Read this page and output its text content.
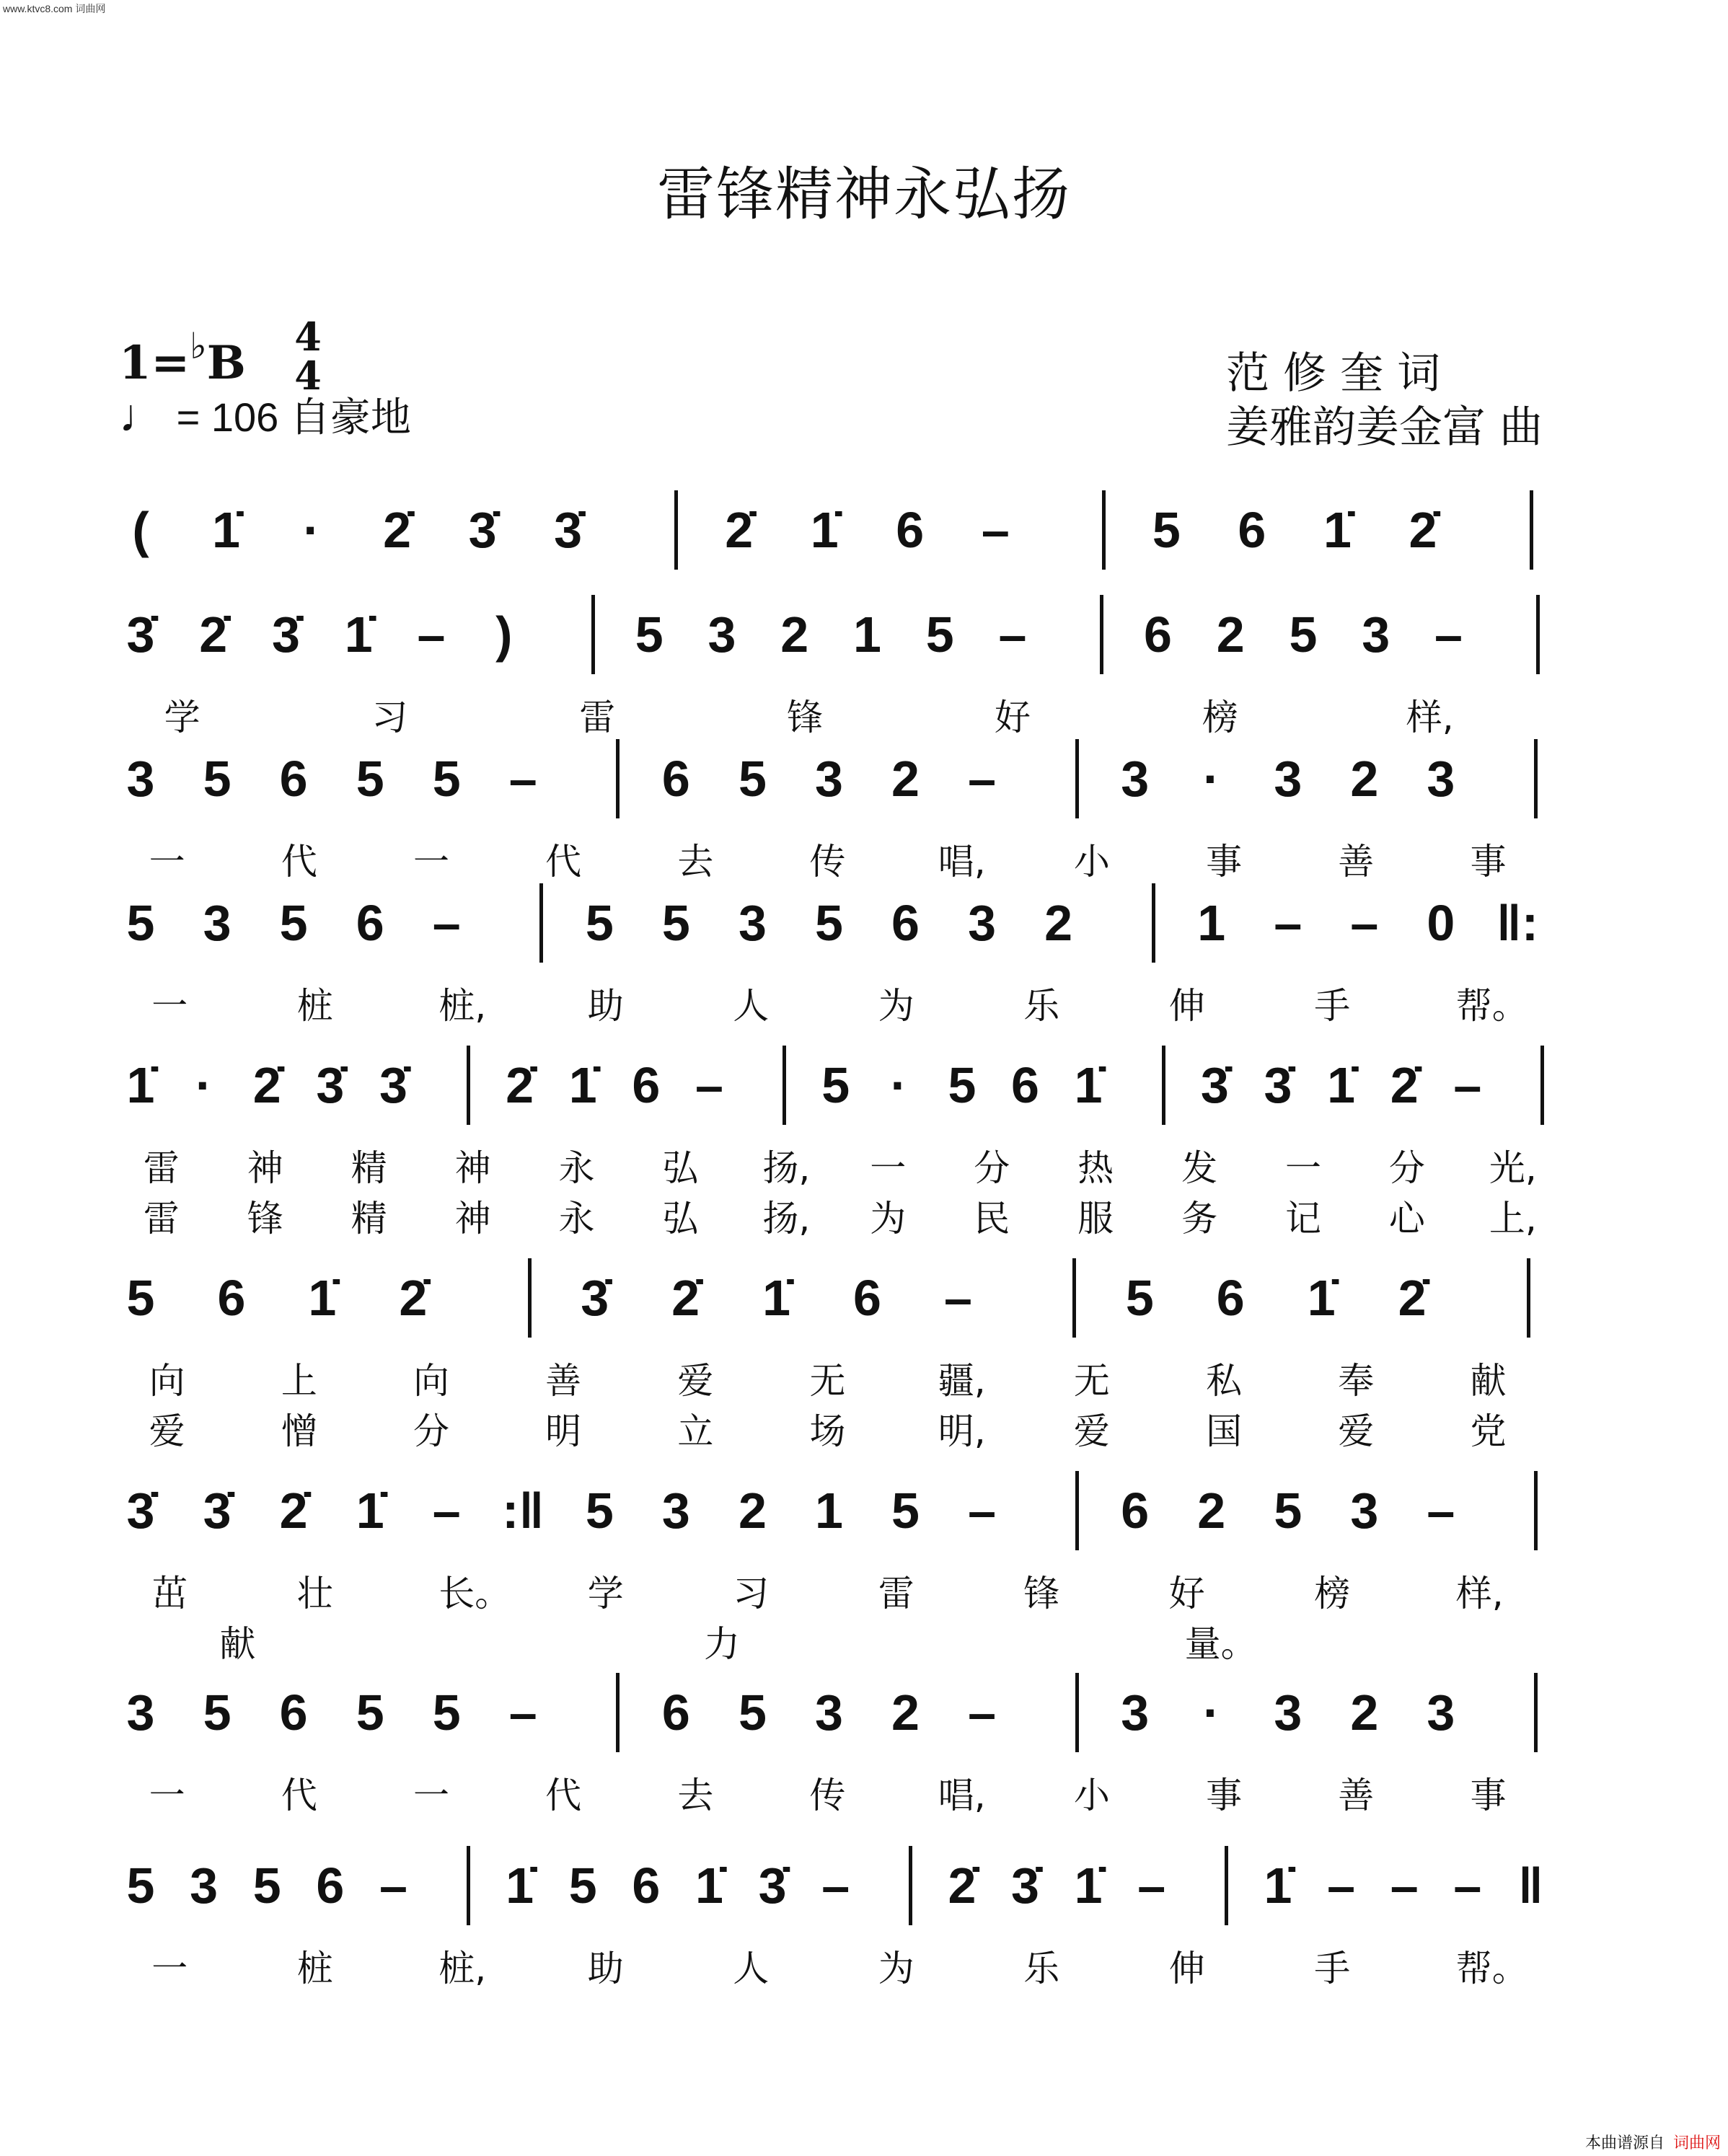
www.ktvc8.com 词曲网
雷锋精神永弘扬
1=♭B 4
4
♩ = 106 自豪地
范 修 奎 词
姜雅韵姜金富 曲
( 1̇ · 2̇ 3̇ 3̇	2̇ 1̇ 6 –	5 6 1̇ 2̇
3̇ 2̇ 3̇ 1̇ – ) 5 3 2 1 5 – 6 2 5 3 –
学	习	雷	锋	好	榜	样,
3 5 6 5 5 – 6 5 3 2 – 3 · 3 2 3
一	代	一	代	去	传	唱, 小	事	善	事
5 3 5 6 – 5 5 3 5 6 3 2 1 – – 0 ‖:
一	桩	桩,	助	人	为	乐	伸	手	帮。
1̇ · 2̇ 3̇ 3̇ 2̇ 1̇ 6 – 5 · 5 6 1̇ 3̇ 3̇ 1̇ 2̇ –
雷 神 精 神 永 弘 扬, 一 分 热 发 一 分 光,
雷 锋 精 神 永 弘 扬, 为 民 服 务 记 心 上,
5 6 1̇ 2̇	3̇ 2̇ 1̇ 6 –	5 6 1̇ 2̇
向	上	向	善	爱	无	疆, 无	私	奉	献
爱	憎	分	明	立	场	明, 爱	国	爱	党
3̇ 3̇ 2̇ 1̇ – :‖ 5 3 2 1 5 – 6 2 5 3 –
茁	壮	长。 学	习	雷	锋	好	榜	样,
献	力	量。
3 5 6 5 5 – 6 5 3 2 – 3 · 3 2 3
一	代	一	代	去	传	唱, 小	事	善	事
5 3 5 6 – 1̇ 5 6 1̇ 3̇ – 2̇ 3̇ 1̇ – 1̇ – – – ‖
一	桩	桩,	助	人	为	乐	伸	手	帮。
本曲谱源自 词曲网
